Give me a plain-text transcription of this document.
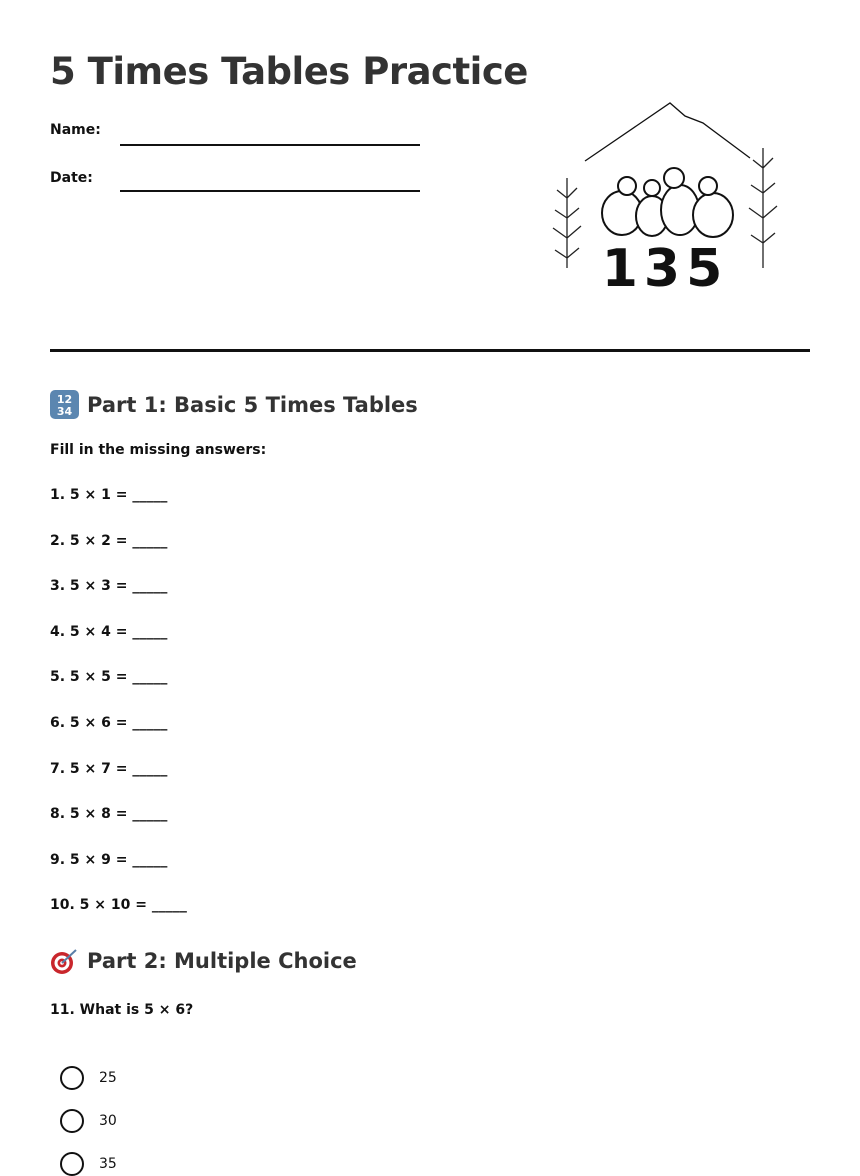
5 Times Tables Practice
Name:
Date:
135
12
34 Part 1: Basic 5 Times Tables
Fill in the missing answers:
1. 5 × 1 = _____
2. 5 × 2 = _____
3. 5 × 3 = _____
4. 5 × 4 = _____
5. 5 × 5 = _____
6. 5 × 6 = _____
7. 5 × 7 = _____
8. 5 × 8 = _____
9. 5 × 9 = _____
10. 5 × 10 = _____
Part 2: Multiple Choice
11. What is 5 × 6?
25
30
35
